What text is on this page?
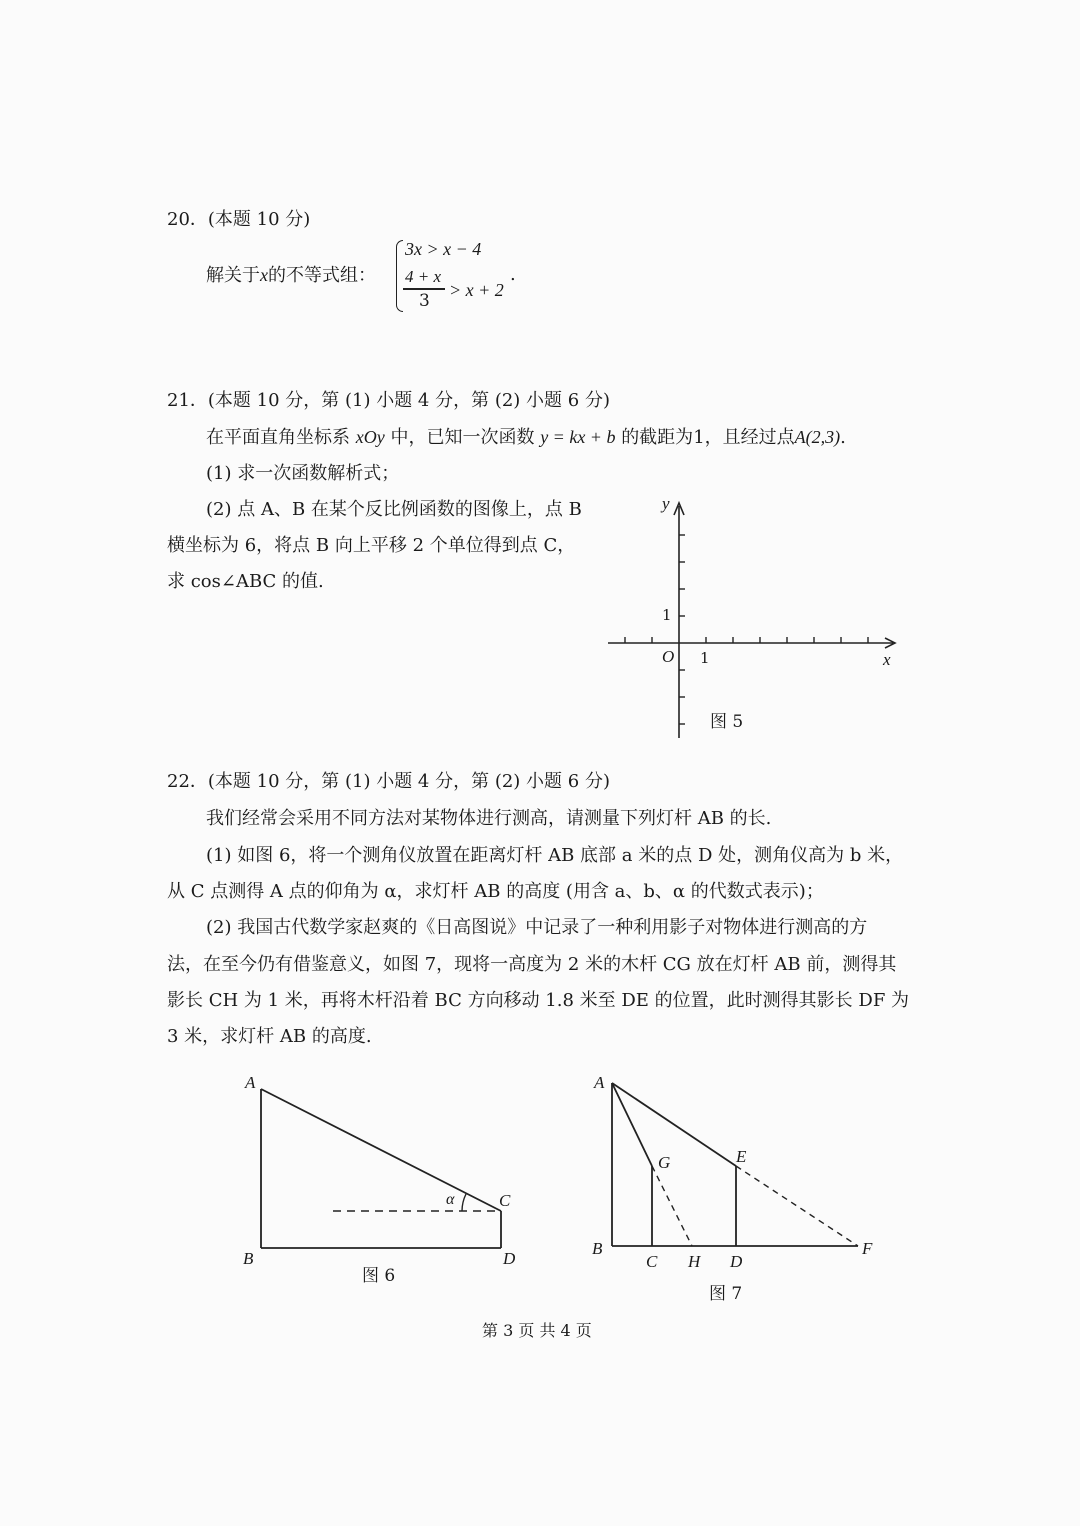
20．(本题 10 分)
解关于x的不等式组：
3x > x − 4
4 + x
3
> x + 2
.
21．(本题 10 分，第 (1) 小题 4 分，第 (2) 小题 6 分)
在平面直角坐标系 xOy 中，已知一次函数 y = kx + b 的截距为1，且经过点A(2,3).
(1) 求一次函数解析式；
(2) 点 A、B 在某个反比例函数的图像上，点 B
横坐标为 6，将点 B 向上平移 2 个单位得到点 C，
求 cos∠ABC 的值.
y
x
O
1
1
图 5
22．(本题 10 分，第 (1) 小题 4 分，第 (2) 小题 6 分)
我们经常会采用不同方法对某物体进行测高，请测量下列灯杆 AB 的长.
(1) 如图 6，将一个测角仪放置在距离灯杆 AB 底部 a 米的点 D 处，测角仪高为 b 米，
从 C 点测得 A 点的仰角为 α，求灯杆 AB 的高度 (用含 a、b、α 的代数式表示)；
(2) 我国古代数学家赵爽的《日高图说》中记录了一种利用影子对物体进行测高的方
法，在至今仍有借鉴意义，如图 7，现将一高度为 2 米的木杆 CG 放在灯杆 AB 前，测得其
影长 CH 为 1 米，再将木杆沿着 BC 方向移动 1.8 米至 DE 的位置，此时测得其影长 DF 为
3 米，求灯杆 AB 的高度.
A
B
C
D
α
图 6
A
B
C	D
E
F
G
H
图 7
第 3 页 共 4 页
